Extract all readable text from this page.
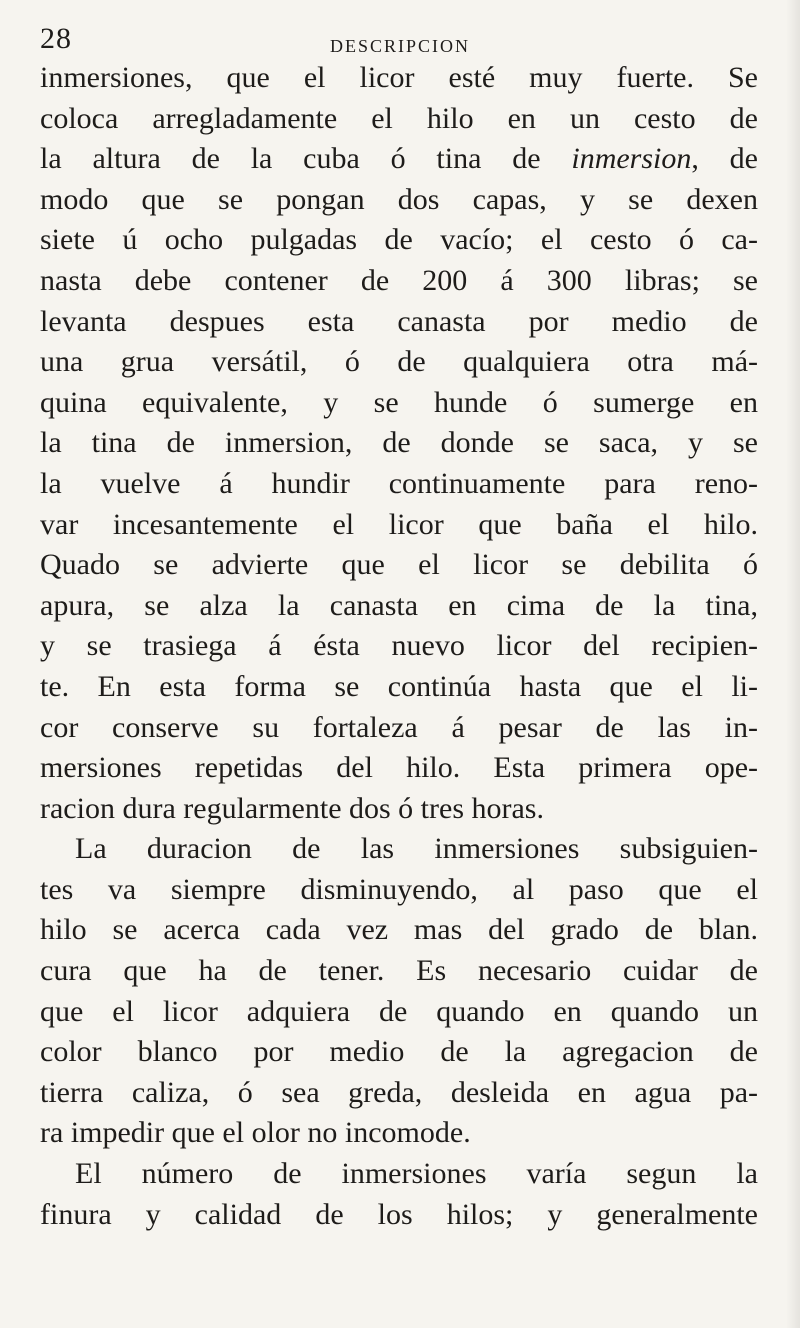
28	DESCRIPCION
inmersiones, que el licor esté muy fuerte. Se
coloca arregladamente el hilo en un cesto de
la altura de la cuba ó tina de inmersion, de
modo que se pongan dos capas, y se dexen
siete ú ocho pulgadas de vacío; el cesto ó ca-
nasta debe contener de 200 á 300 libras; se
levanta despues esta canasta por medio de
una grua versátil, ó de qualquiera otra má-
quina equivalente, y se hunde ó sumerge en
la tina de inmersion, de donde se saca, y se
la vuelve á hundir continuamente para reno-
var incesantemente el licor que baña el hilo.
Quado se advierte que el licor se debilita ó
apura, se alza la canasta en cima de la tina,
y se trasiega á ésta nuevo licor del recipien-
te. En esta forma se continúa hasta que el li-
cor conserve su fortaleza á pesar de las in-
mersiones repetidas del hilo. Esta primera ope-
racion dura regularmente dos ó tres horas.
La duracion de las inmersiones subsiguien-
tes va siempre disminuyendo, al paso que el
hilo se acerca cada vez mas del grado de blan.
cura que ha de tener. Es necesario cuidar de
que el licor adquiera de quando en quando un
color blanco por medio de la agregacion de
tierra caliza, ó sea greda, desleida en agua pa-
ra impedir que el olor no incomode.
El número de inmersiones varía segun la
finura y calidad de los hilos; y generalmente
